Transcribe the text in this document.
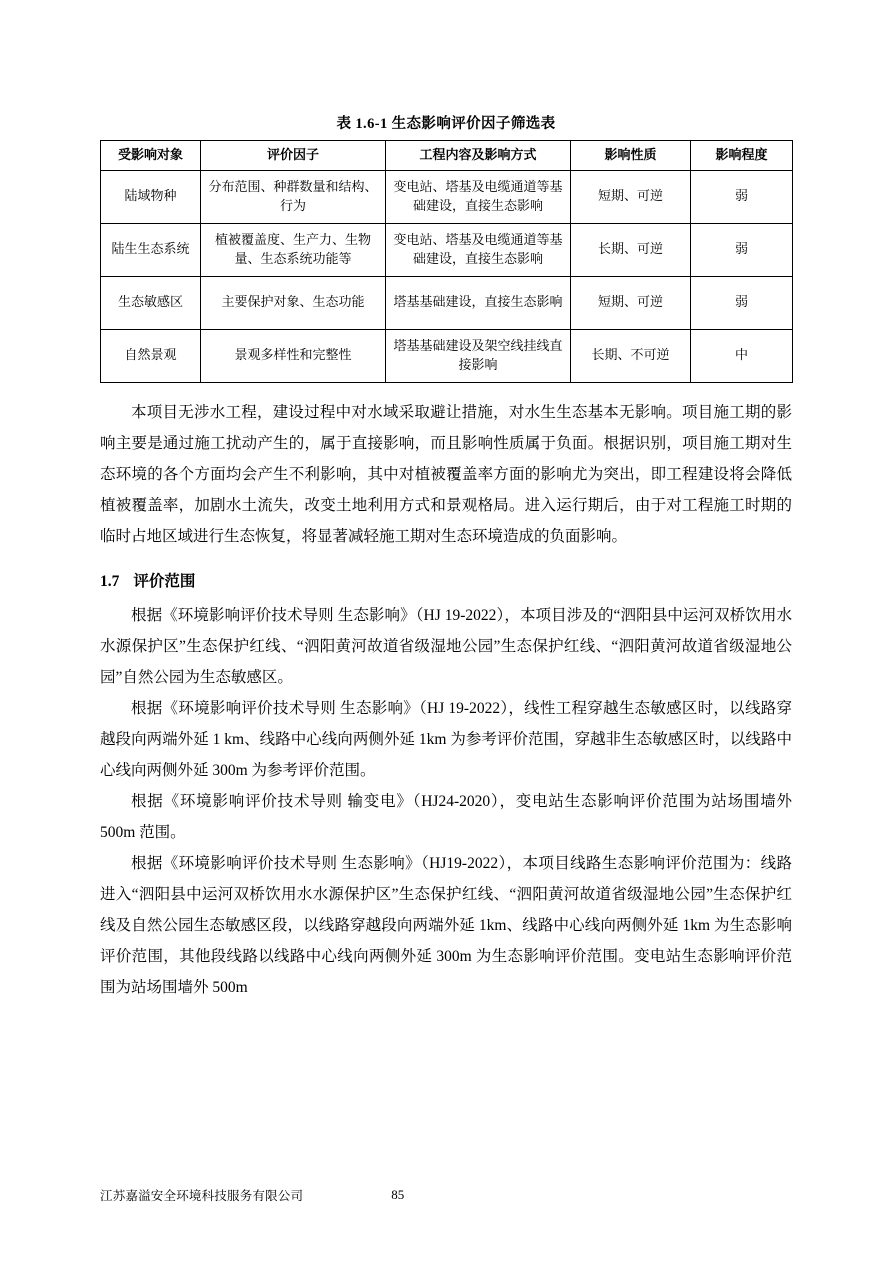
表 1.6-1 生态影响评价因子筛选表
受影响对象	评价因子	工程内容及影响方式	影响性质	影响程度
陆域物种	分布范围、种群数量和结构、行为	变电站、塔基及电缆通道等基础建设，直接生态影响	短期、可逆	弱
陆生生态系统	植被覆盖度、生产力、生物量、生态系统功能等	变电站、塔基及电缆通道等基础建设，直接生态影响	长期、可逆	弱
生态敏感区	主要保护对象、生态功能	塔基基础建设，直接生态影响	短期、可逆	弱
自然景观	景观多样性和完整性	塔基基础建设及架空线挂线直接影响	长期、不可逆	中

本项目无涉水工程，建设过程中对水域采取避让措施，对水生生态基本无影响。项目施工期的影响主要是通过施工扰动产生的，属于直接影响，而且影响性质属于负面。根据识别，项目施工期对生态环境的各个方面均会产生不利影响，其中对植被覆盖率方面的影响尤为突出，即工程建设将会降低植被覆盖率，加剧水土流失，改变土地利用方式和景观格局。进入运行期后，由于对工程施工时期的临时占地区域进行生态恢复，将显著减轻施工期对生态环境造成的负面影响。

1.7 评价范围

根据《环境影响评价技术导则 生态影响》（HJ 19-2022），本项目涉及的“泗阳县中运河双桥饮用水水源保护区”生态保护红线、“泗阳黄河故道省级湿地公园”生态保护红线、“泗阳黄河故道省级湿地公园”自然公园为生态敏感区。

根据《环境影响评价技术导则 生态影响》（HJ 19-2022），线性工程穿越生态敏感区时，以线路穿越段向两端外延 1 km、线路中心线向两侧外延 1km 为参考评价范围，穿越非生态敏感区时，以线路中心线向两侧外延 300m 为参考评价范围。

根据《环境影响评价技术导则 输变电》（HJ24-2020），变电站生态影响评价范围为站场围墙外 500m 范围。

根据《环境影响评价技术导则 生态影响》（HJ19-2022），本项目线路生态影响评价范围为：线路进入“泗阳县中运河双桥饮用水水源保护区”生态保护红线、“泗阳黄河故道省级湿地公园”生态保护红线及自然公园生态敏感区段，以线路穿越段向两端外延 1km、线路中心线向两侧外延 1km 为生态影响评价范围，其他段线路以线路中心线向两侧外延 300m 为生态影响评价范围。变电站生态影响评价范围为站场围墙外 500m

江苏嘉溢安全环境科技服务有限公司	85
